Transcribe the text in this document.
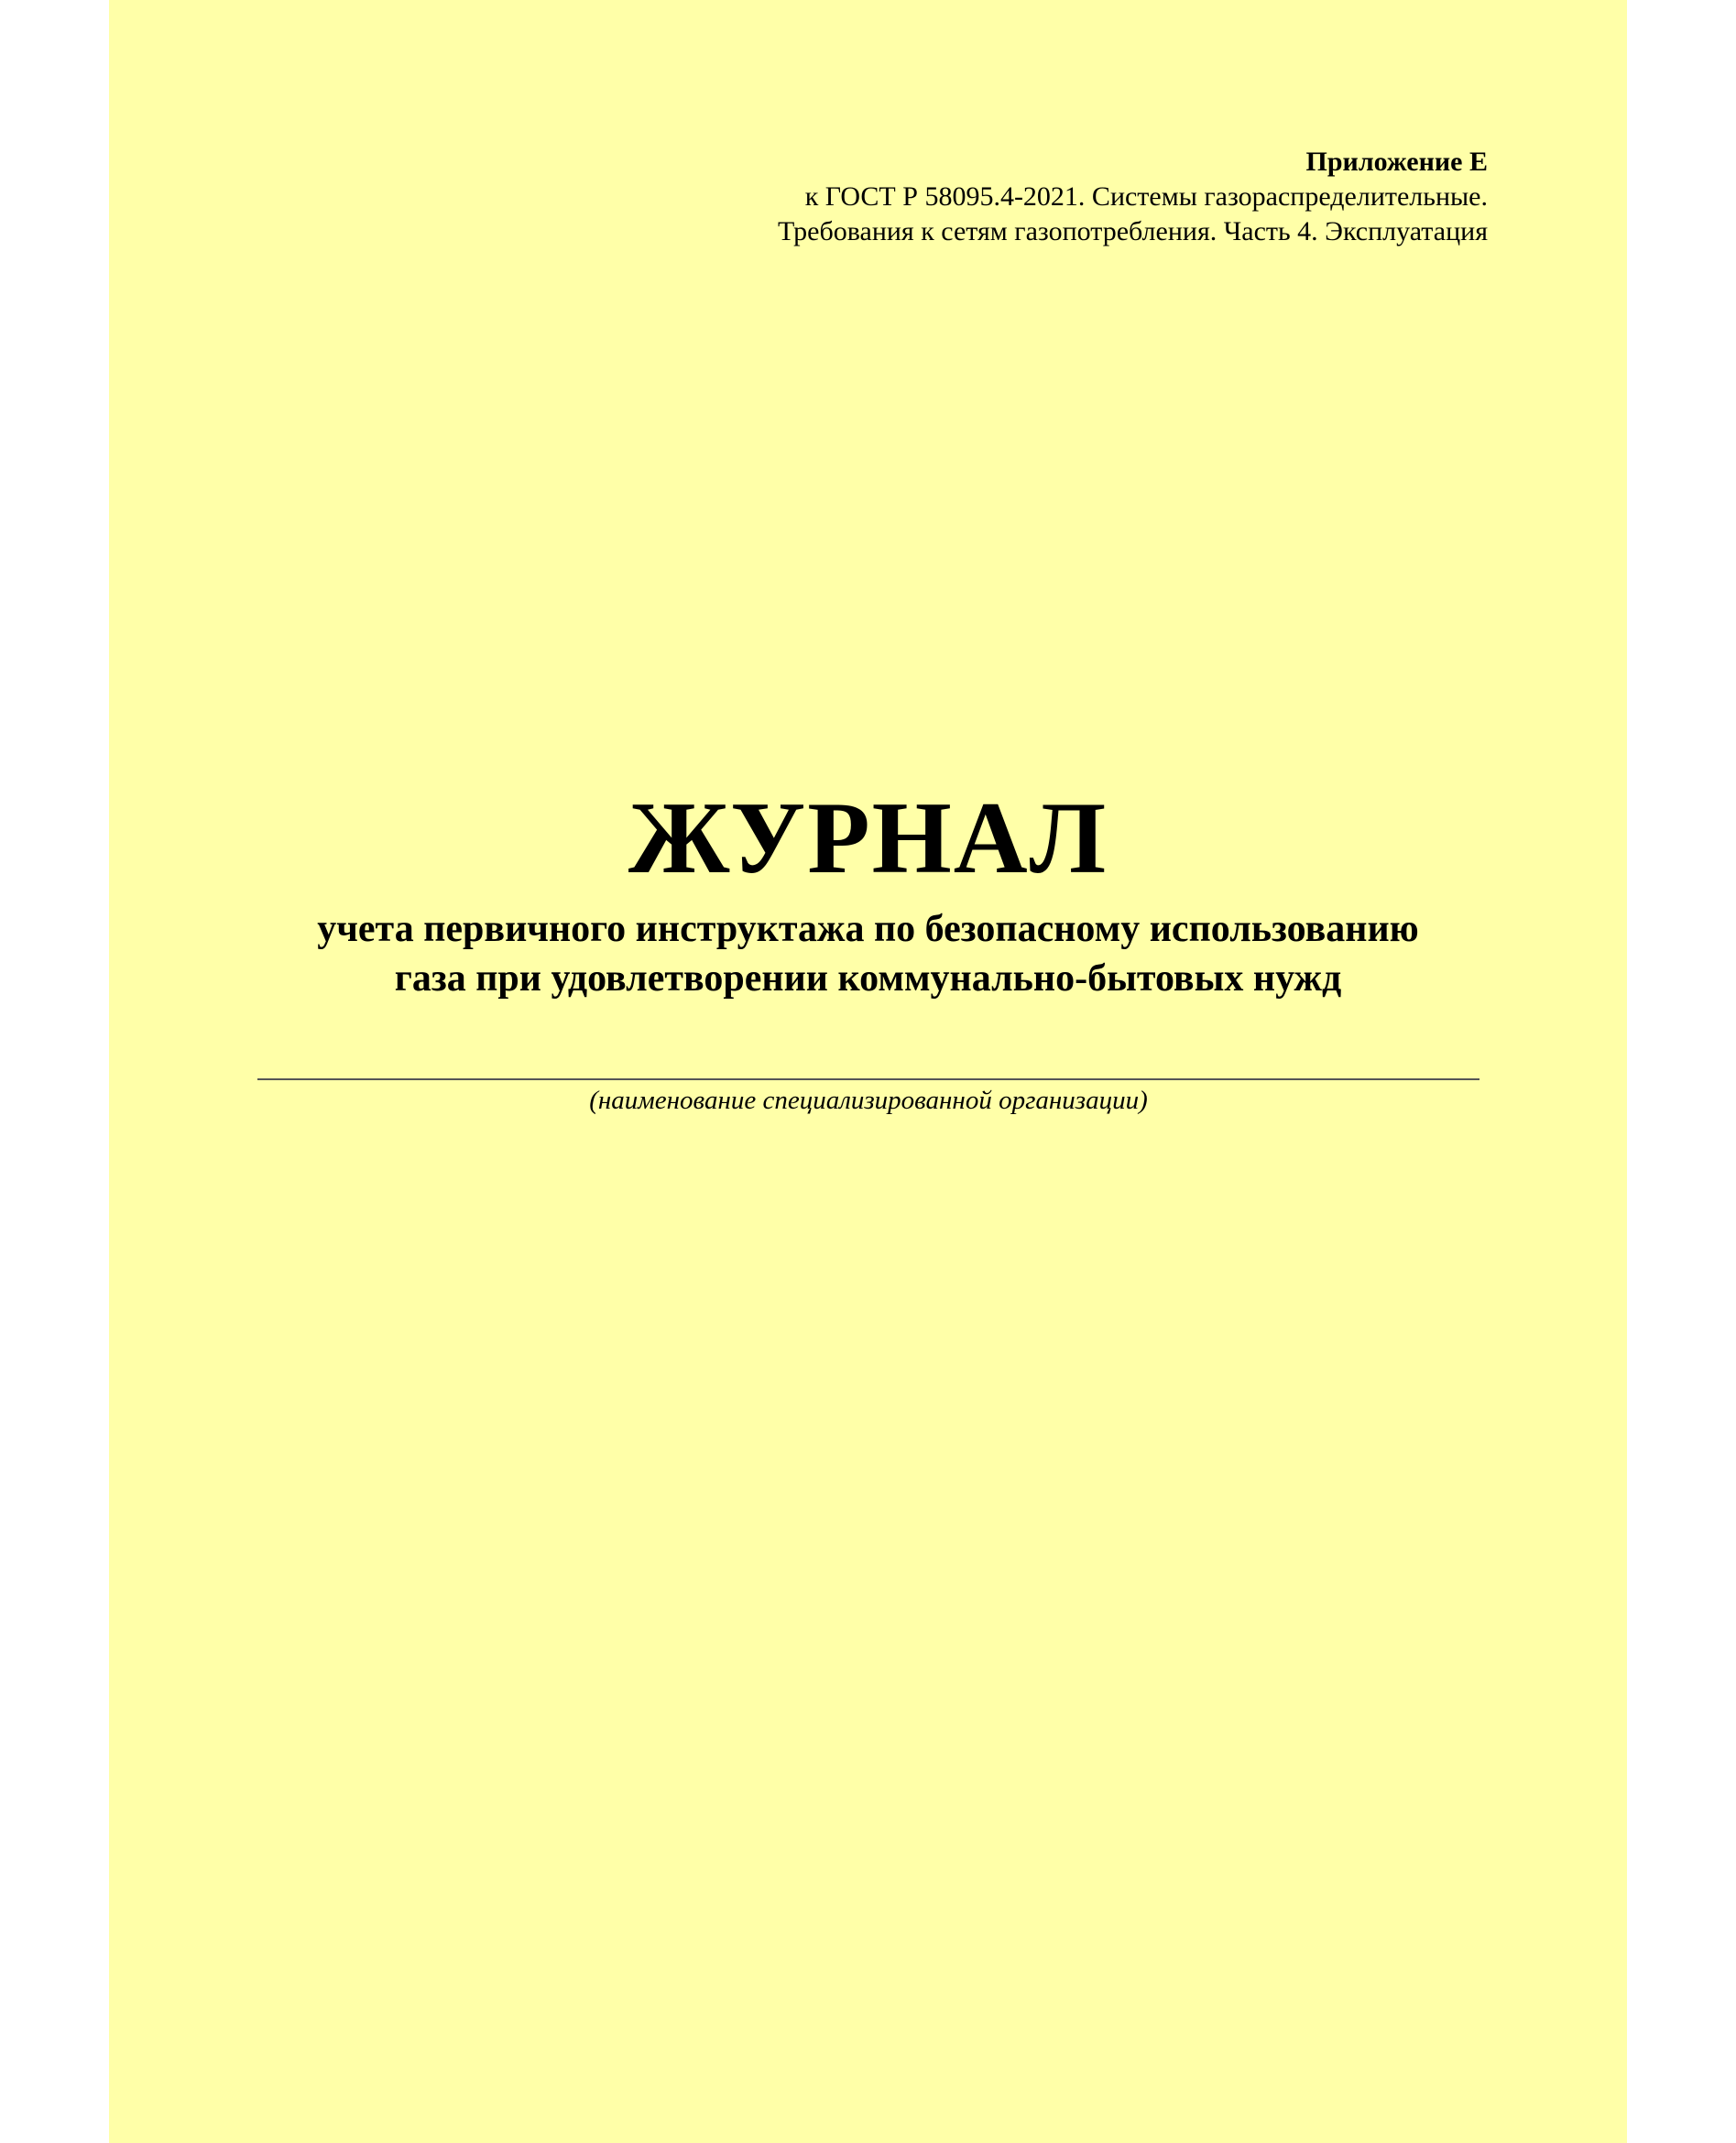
Приложение Е
к ГОСТ Р 58095.4-2021. Системы газораспределительные.
Требования к сетям газопотребления. Часть 4. Эксплуатация
ЖУРНАЛ
учета первичного инструктажа по безопасному использованию
газа при удовлетворении коммунально-бытовых нужд
(наименование специализированной организации)
